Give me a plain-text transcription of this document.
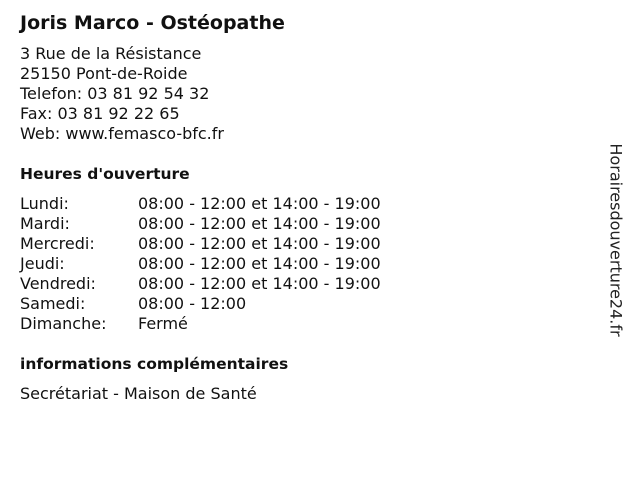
Joris Marco - Ostéopathe
3 Rue de la Résistance
25150 Pont-de-Roide
Telefon: 03 81 92 54 32
Fax: 03 81 92 22 65
Web: www.femasco-bfc.fr
Heures d'ouverture
Lundi:	08:00 - 12:00 et 14:00 - 19:00
Mardi:	08:00 - 12:00 et 14:00 - 19:00
Mercredi:	08:00 - 12:00 et 14:00 - 19:00
Jeudi:	08:00 - 12:00 et 14:00 - 19:00
Vendredi:	08:00 - 12:00 et 14:00 - 19:00
Samedi:	08:00 - 12:00
Dimanche: Fermé
informations complémentaires
Secrétariat - Maison de Santé
Horairesdouverture24.fr
